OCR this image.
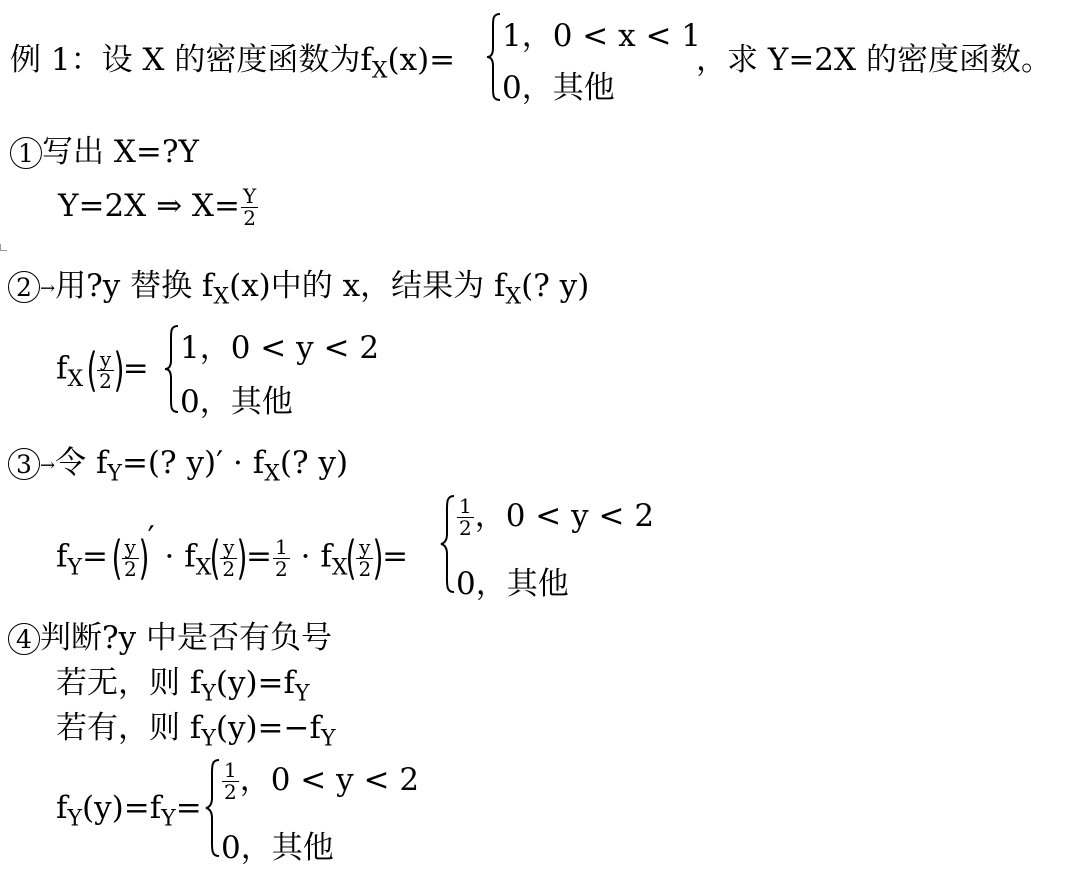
例 1：设 X 的密度函数为$f_X(x)=$
1，0 < x < 1
0，其他
，求 Y=2X 的密度函数。
1 写出 X=?Y
Y=2X ⇒ $X= \frac{Y}{2}$
2 →用?y 替换 $f_X(x)$中的 x，结果为 $f_X$(? y)
$f_X( \frac{y}{2}$ )=
1，0 < y < 2
0，其他
3 →令 $f_Y=$(? $y)' \cdot f_X$(? y)
$f_Y=( \frac{y}{2}$ )′ · $f_X( \frac{y}{2}$ )= $\frac{1}{2} \cdot f_X( \frac{y}{2}$ )=
$\frac{1}{2}$ ，0 < y < 2
0，其他
4 判断?y 中是否有负号
若无，则 $f_Y(y)=f_Y$
若有，则 $f_Y(y)=-f_Y$
$f_Y(y)=f_Y=$
$\frac{1}{2}$ ，0 < y < 2
0，其他
